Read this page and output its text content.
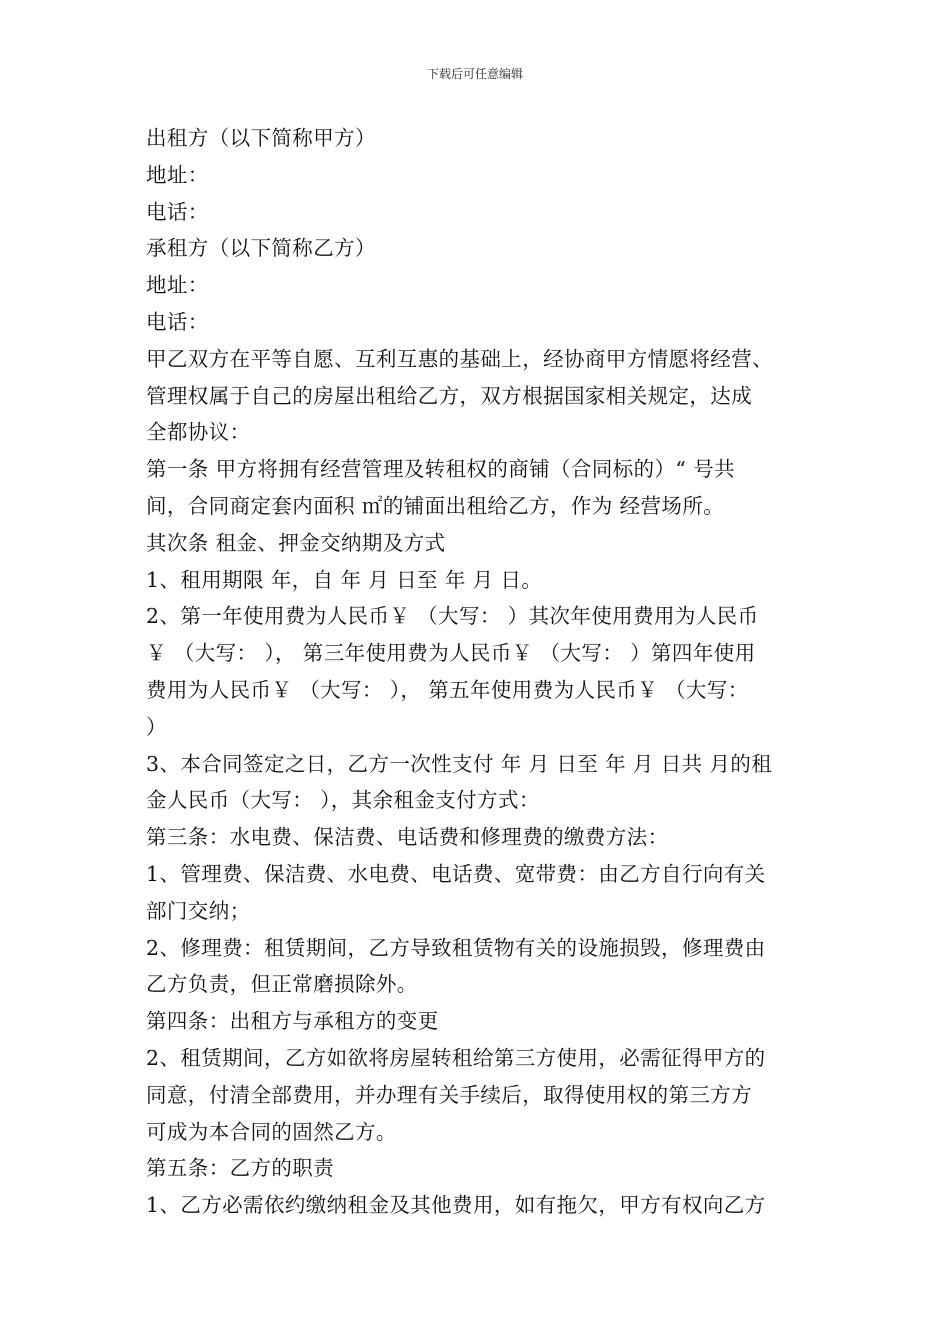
下载后可任意编辑
出租方（以下简称甲方）
地址：
电话：
承租方（以下简称乙方）
地址：
电话：
甲乙双方在平等自愿、互利互惠的基础上，经协商甲方情愿将经营、
管理权属于自己的房屋出租给乙方，双方根据国家相关规定，达成
全都协议：
第一条 甲方将拥有经营管理及转租权的商铺（合同标的）“ 号共
间，合同商定套内面积 ㎡的铺面出租给乙方，作为 经营场所。
其次条 租金、押金交纳期及方式
1、租用期限 年，自 年 月 日至 年 月 日。
2、第一年使用费为人民币￥ （大写： ）其次年使用费用为人民币
￥ （大写： ）， 第三年使用费为人民币￥ （大写： ）第四年使用
费用为人民币￥ （大写： ）， 第五年使用费为人民币￥ （大写：
）
3、本合同签定之日，乙方一次性支付 年 月 日至 年 月 日共 月的租
金人民币（大写： ），其余租金支付方式：
第三条：水电费、保洁费、电话费和修理费的缴费方法：
1、管理费、保洁费、水电费、电话费、宽带费：由乙方自行向有关
部门交纳；
2、修理费：租赁期间，乙方导致租赁物有关的设施损毁，修理费由
乙方负责，但正常磨损除外。
第四条：出租方与承租方的变更
2、租赁期间，乙方如欲将房屋转租给第三方使用，必需征得甲方的
同意，付清全部费用，并办理有关手续后，取得使用权的第三方方
可成为本合同的固然乙方。
第五条：乙方的职责
1、乙方必需依约缴纳租金及其他费用，如有拖欠，甲方有权向乙方
